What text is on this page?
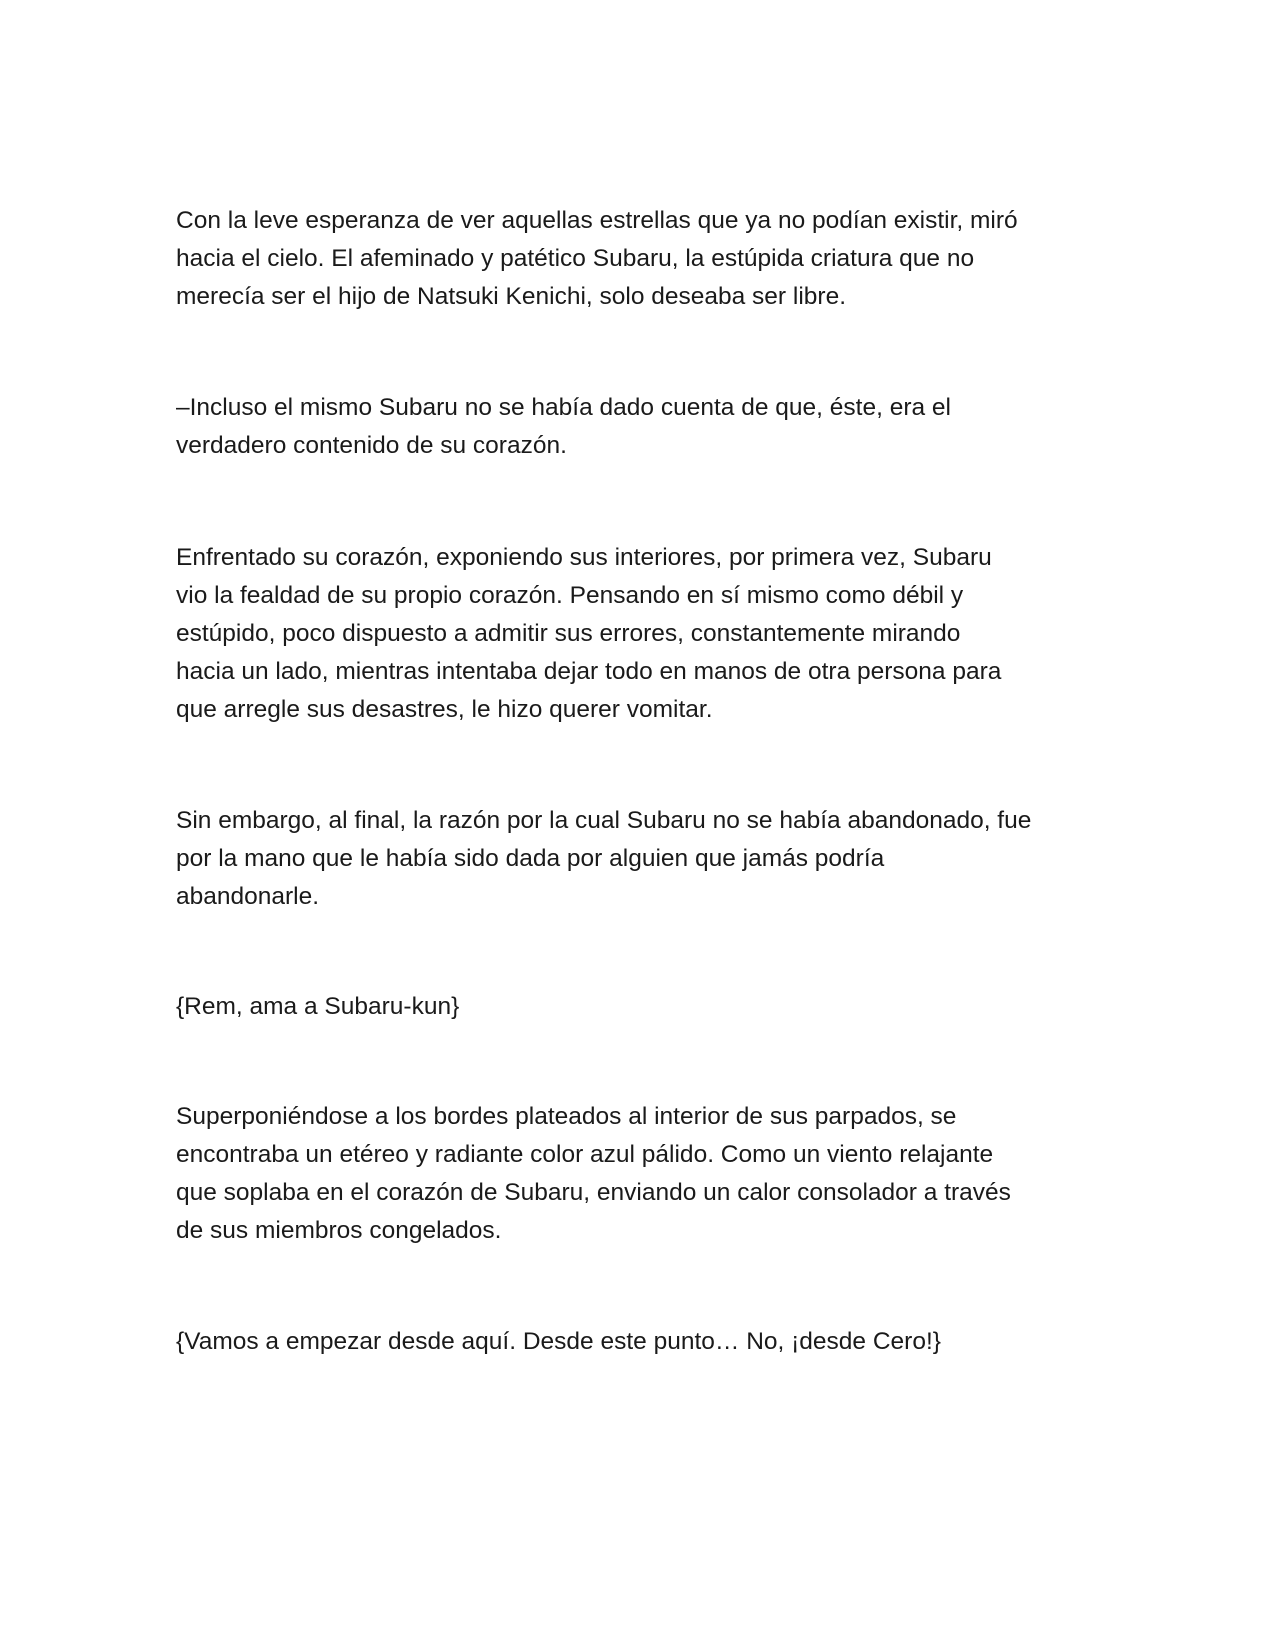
Con la leve esperanza de ver aquellas estrellas que ya no podían existir, miró
hacia el cielo. El afeminado y patético Subaru, la estúpida criatura que no
merecía ser el hijo de Natsuki Kenichi, solo deseaba ser libre.

–Incluso el mismo Subaru no se había dado cuenta de que, éste, era el
verdadero contenido de su corazón.

Enfrentado su corazón, exponiendo sus interiores, por primera vez, Subaru
vio la fealdad de su propio corazón. Pensando en sí mismo como débil y
estúpido, poco dispuesto a admitir sus errores, constantemente mirando
hacia un lado, mientras intentaba dejar todo en manos de otra persona para
que arregle sus desastres, le hizo querer vomitar.

Sin embargo, al final, la razón por la cual Subaru no se había abandonado, fue
por la mano que le había sido dada por alguien que jamás podría
abandonarle.

{Rem, ama a Subaru-kun}

Superponiéndose a los bordes plateados al interior de sus parpados, se
encontraba un etéreo y radiante color azul pálido. Como un viento relajante
que soplaba en el corazón de Subaru, enviando un calor consolador a través
de sus miembros congelados.

{Vamos a empezar desde aquí. Desde este punto… No, ¡desde Cero!}
